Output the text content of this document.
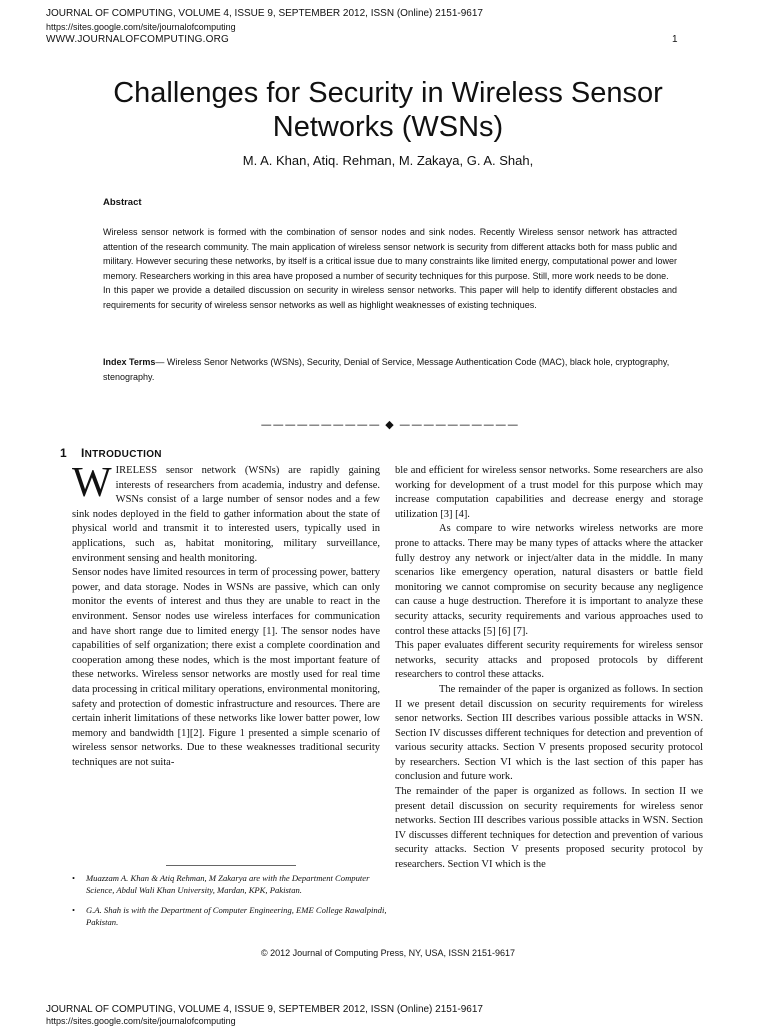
JOURNAL OF COMPUTING, VOLUME 4, ISSUE 9, SEPTEMBER 2012, ISSN (Online) 2151-9617
https://sites.google.com/site/journalofcomputing
WWW.JOURNALOFCOMPUTING.ORG	1
Challenges for Security in Wireless Sensor Networks (WSNs)
M. A. Khan, Atiq. Rehman, M. Zakaya, G. A. Shah,
Abstract

Wireless sensor network is formed with the combination of sensor nodes and sink nodes. Recently Wireless sensor network has attracted attention of the research community. The main application of wireless sensor network is security from different attacks both for mass public and military. However securing these networks, by itself is a critical issue due to many constraints like limited energy, computational power and lower memory. Researchers working in this area have proposed a number of security techniques for this purpose. Still, more work needs to be done.

In this paper we provide a detailed discussion on security in wireless sensor networks. This paper will help to identify different obstacles and requirements for security of wireless sensor networks as well as highlight weaknesses of existing techniques.

Index Terms— Wireless Senor Networks (WSNs), Security, Denial of Service, Message Authentication Code (MAC), black hole, cryptography, stenography.
—————————— ◆ ——————————
1 INTRODUCTION

WIRELESS sensor network (WSNs) are rapidly gaining interests of researchers from academia, industry and defense. WSNs consist of a large number of sensor nodes and a few sink nodes deployed in the field to gather information about the state of physical world and transmit it to interested users, typically used in applications, such as, habitat monitoring, military surveillance, environment sensing and health monitoring.

Sensor nodes have limited resources in term of processing power, battery power, and data storage. Nodes in WSNs are passive, which can only monitor the events of interest and thus they are unable to react in the environment. Sensor nodes use wireless interfaces for communication and have short range due to limited energy [1]. The sensor nodes have capabilities of self organization; there exist a complete coordination and cooperation among these nodes, which is the most important feature of these networks. Wireless sensor networks are mostly used for real time data processing in critical military operations, environmental monitoring, safety and protection of domestic infrastructure and resources. There are certain inherit limitations of these networks like lower batter power, low memory and bandwidth [1][2]. Figure 1 presented a simple scenario of wireless sensor networks. Due to these weaknesses traditional security techniques are not suita-

ble and efficient for wireless sensor networks. Some researchers are also working for development of a trust model for this purpose which may increase computation capabilities and decrease energy and storage utilization [3] [4].

As compare to wire networks wireless networks are more prone to attacks. There may be many types of attacks where the attacker fully destroy any network or inject/alter data in the middle. In many scenarios like emergency operation, natural disasters or battle field monitoring we cannot compromise on security because any negligence can cause a huge destruction. Therefore it is important to analyze these security attacks, security requirements and various approaches used to control these attacks [5] [6] [7].

This paper evaluates different security requirements for wireless sensor networks, security attacks and proposed protocols by different researchers to control these attacks.

The remainder of the paper is organized as follows. In section II we present detail discussion on security requirements for wireless senor networks. Section III describes various possible attacks in WSN. Section IV discusses different techniques for detection and prevention of various security attacks. Section V presents proposed security protocol by researchers. Section VI which is the last section of this paper has conclusion and future work.

The remainder of the paper is organized as follows. In section II we present detail discussion on security requirements for wireless senor networks. Section III describes various possible attacks in WSN. Section IV discusses different techniques for detection and prevention of various security attacks. Section V presents proposed security protocol by researchers. Section VI which is the

•	Muazzam A. Khan & Atiq Rehman, M Zakarya are with the Department Computer Science, Abdul Wali Khan University, Mardan, KPK, Pakistan.
•	G.A. Shah is with the Department of Computer Engineering, EME College Rawalpindi, Pakistan.
© 2012 Journal of Computing Press, NY, USA, ISSN 2151-9617
JOURNAL OF COMPUTING, VOLUME 4, ISSUE 9, SEPTEMBER 2012, ISSN (Online) 2151-9617
https://sites.google.com/site/journalofcomputing
